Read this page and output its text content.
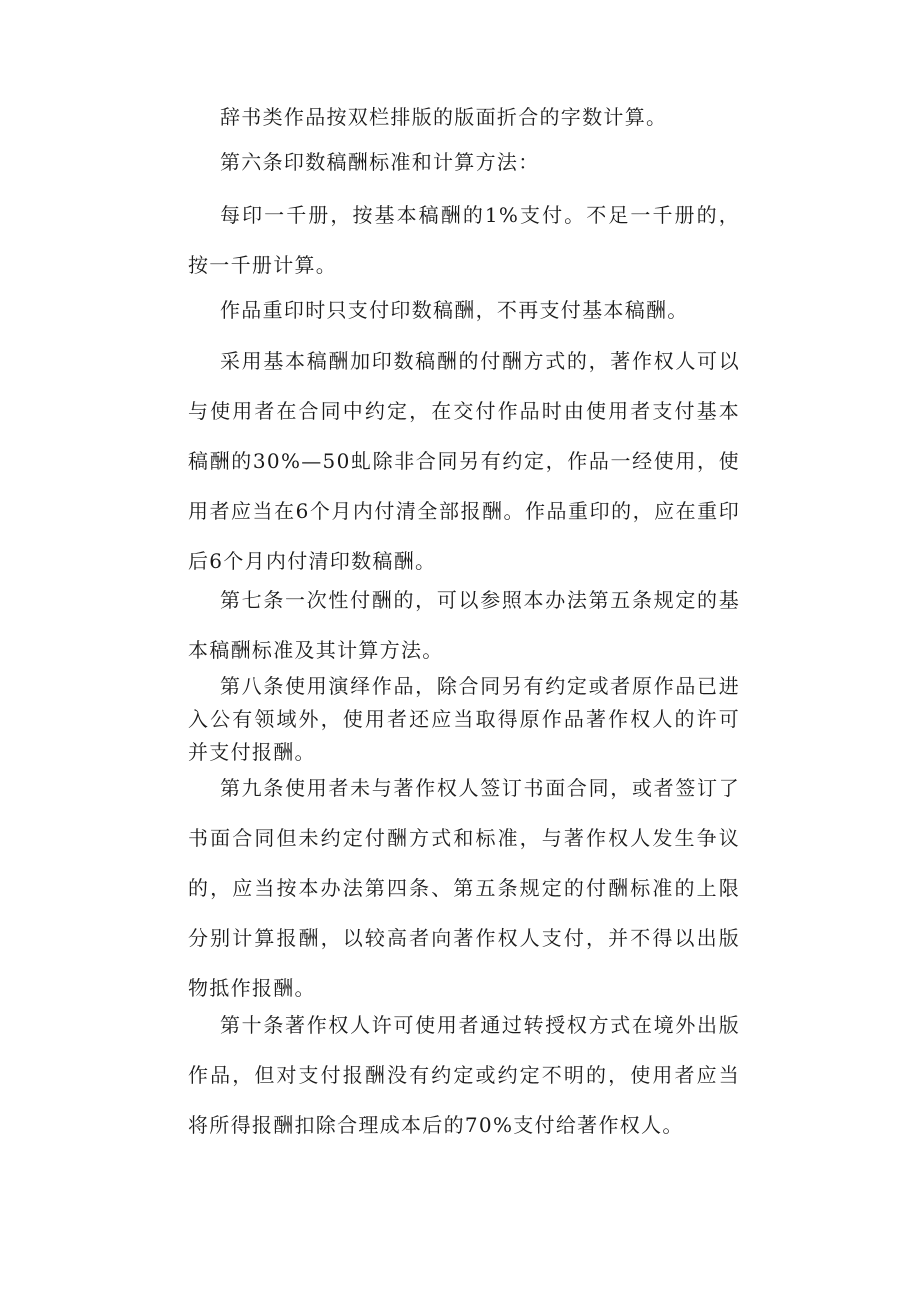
辞书类作品按双栏排版的版面折合的字数计算。

第六条印数稿酬标准和计算方法：

每印一千册，按基本稿酬的1%支付。不足一千册的，按一千册计算。

作品重印时只支付印数稿酬，不再支付基本稿酬。

采用基本稿酬加印数稿酬的付酬方式的，著作权人可以与使用者在合同中约定，在交付作品时由使用者支付基本稿酬的30%—50虬除非合同另有约定，作品一经使用，使用者应当在6个月内付清全部报酬。作品重印的，应在重印后6个月内付清印数稿酬。

第七条一次性付酬的，可以参照本办法第五条规定的基本稿酬标准及其计算方法。

第八条使用演绎作品，除合同另有约定或者原作品已进入公有领域外，使用者还应当取得原作品著作权人的许可并支付报酬。

第九条使用者未与著作权人签订书面合同，或者签订了书面合同但未约定付酬方式和标准，与著作权人发生争议的，应当按本办法第四条、第五条规定的付酬标准的上限分别计算报酬，以较高者向著作权人支付，并不得以出版物抵作报酬。

第十条著作权人许可使用者通过转授权方式在境外出版作品，但对支付报酬没有约定或约定不明的，使用者应当将所得报酬扣除合理成本后的70%支付给著作权人。
